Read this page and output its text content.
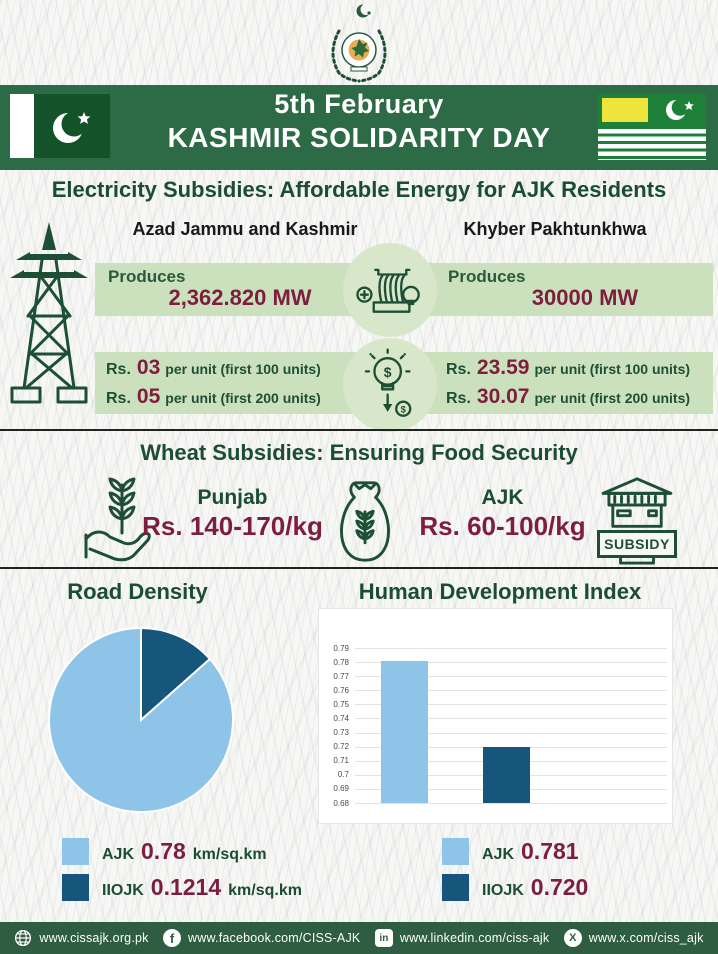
5th February
KASHMIR SOLIDARITY DAY
Electricity Subsidies: Affordable Energy for AJK Residents
Azad Jammu and Kashmir	Khyber Pakhtunkhwa
Produces
2,362.820 MW
Produces
30000 MW
Rs. 03 per unit (first 100 units)
Rs. 05 per unit (first 200 units)
Rs. 23.59 per unit (first 100 units)
Rs. 30.07 per unit (first 200 units)
$
$
Wheat Subsidies: Ensuring Food Security
Punjab
Rs. 140-170/kg
AJK
Rs. 60-100/kg
SUBSIDY
Road Density	Human Development Index
0.79
0.78
0.77
0.76
0.75
0.74
0.73
0.72
0.71
0.7
0.69
0.68
AJK 0.78 km/sq.km
IIOJK 0.1214 km/sq.km
AJK 0.781
IIOJK 0.720
www.cissajk.org.pk	f	www.facebook.com/CISS-AJK	in www.linkedin.com/ciss-ajk	X www.x.com/ciss_ajk
